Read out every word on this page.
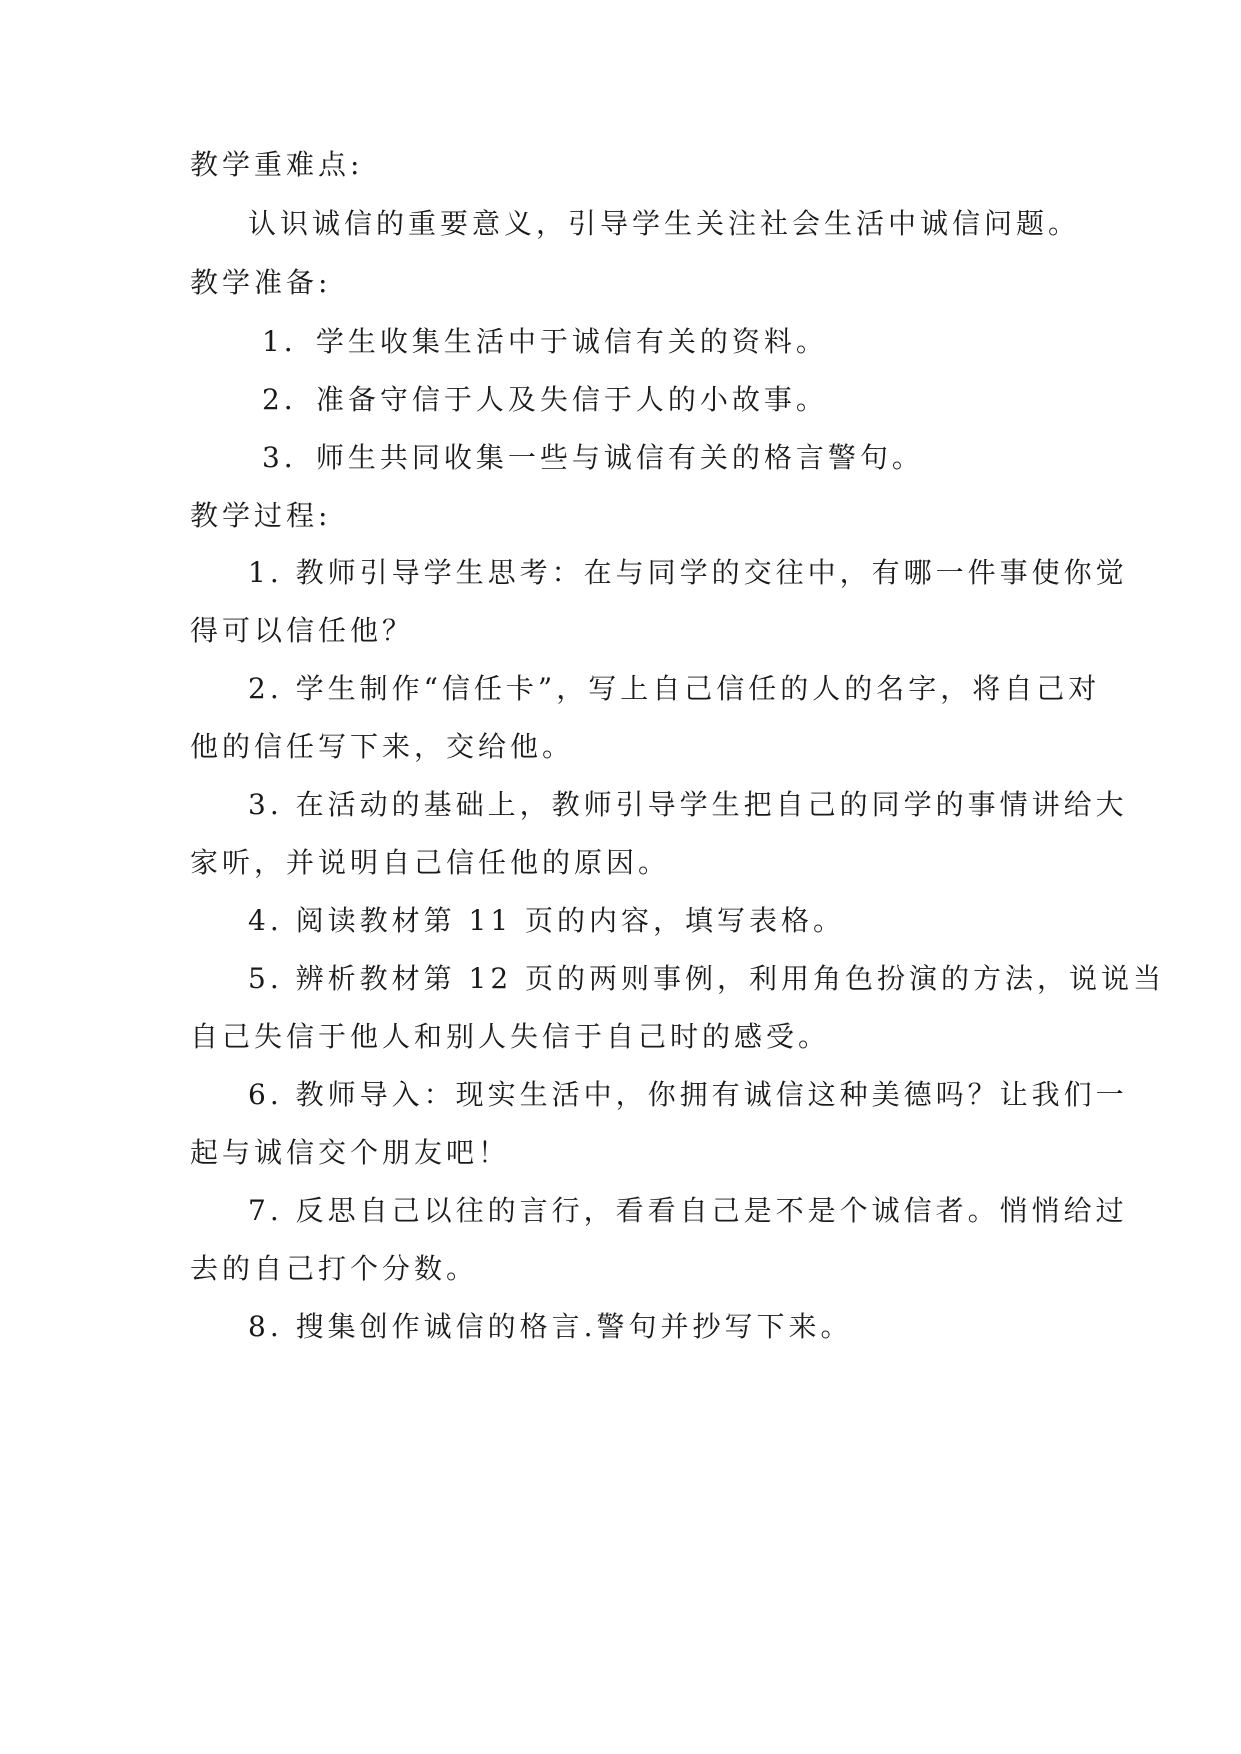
教学重难点:
认识诚信的重要意义，引导学生关注社会生活中诚信问题。
教学准备:
1．学生收集生活中于诚信有关的资料。
2．准备守信于人及失信于人的小故事。
3．师生共同收集一些与诚信有关的格言警句。
教学过程:
1. 教师引导学生思考：在与同学的交往中，有哪一件事使你觉
得可以信任他？
2. 学生制作“信任卡”，写上自己信任的人的名字，将自己对
他的信任写下来，交给他。
3. 在活动的基础上，教师引导学生把自己的同学的事情讲给大
家听，并说明自己信任他的原因。
4. 阅读教材第 11 页的内容，填写表格。
5. 辨析教材第 12 页的两则事例，利用角色扮演的方法，说说当
自己失信于他人和别人失信于自己时的感受。
6. 教师导入：现实生活中，你拥有诚信这种美德吗？让我们一
起与诚信交个朋友吧！
7. 反思自己以往的言行，看看自己是不是个诚信者。悄悄给过
去的自己打个分数。
8. 搜集创作诚信的格言.警句并抄写下来。
